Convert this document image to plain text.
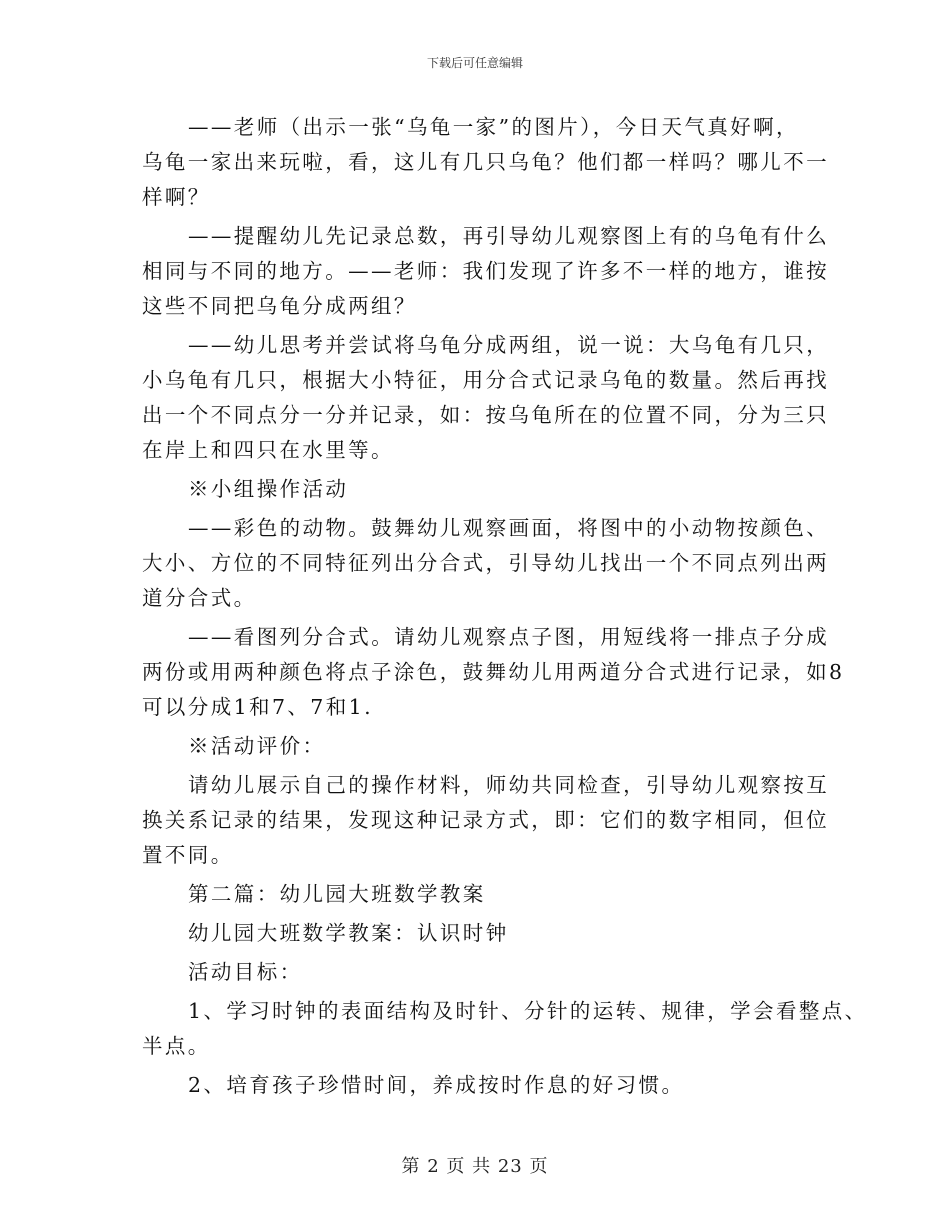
下载后可任意编辑
——老师（出示一张“乌龟一家”的图片），今日天气真好啊，
乌龟一家出来玩啦，看，这儿有几只乌龟？他们都一样吗？哪儿不一
样啊？
——提醒幼儿先记录总数，再引导幼儿观察图上有的乌龟有什么
相同与不同的地方。——老师：我们发现了许多不一样的地方，谁按
这些不同把乌龟分成两组？
——幼儿思考并尝试将乌龟分成两组，说一说：大乌龟有几只，
小乌龟有几只，根据大小特征，用分合式记录乌龟的数量。然后再找
出一个不同点分一分并记录，如：按乌龟所在的位置不同，分为三只
在岸上和四只在水里等。
※小组操作活动
——彩色的动物。鼓舞幼儿观察画面，将图中的小动物按颜色、
大小、方位的不同特征列出分合式，引导幼儿找出一个不同点列出两
道分合式。
——看图列分合式。请幼儿观察点子图，用短线将一排点子分成
两份或用两种颜色将点子涂色，鼓舞幼儿用两道分合式进行记录，如8
可以分成1和7、7和1.
※活动评价：
请幼儿展示自己的操作材料，师幼共同检查，引导幼儿观察按互
换关系记录的结果，发现这种记录方式，即：它们的数字相同，但位
置不同。
第二篇：幼儿园大班数学教案
幼儿园大班数学教案：认识时钟
活动目标：
1、学习时钟的表面结构及时针、分针的运转、规律，学会看整点、
半点。
2、培育孩子珍惜时间，养成按时作息的好习惯。
第 2 页 共 23 页
